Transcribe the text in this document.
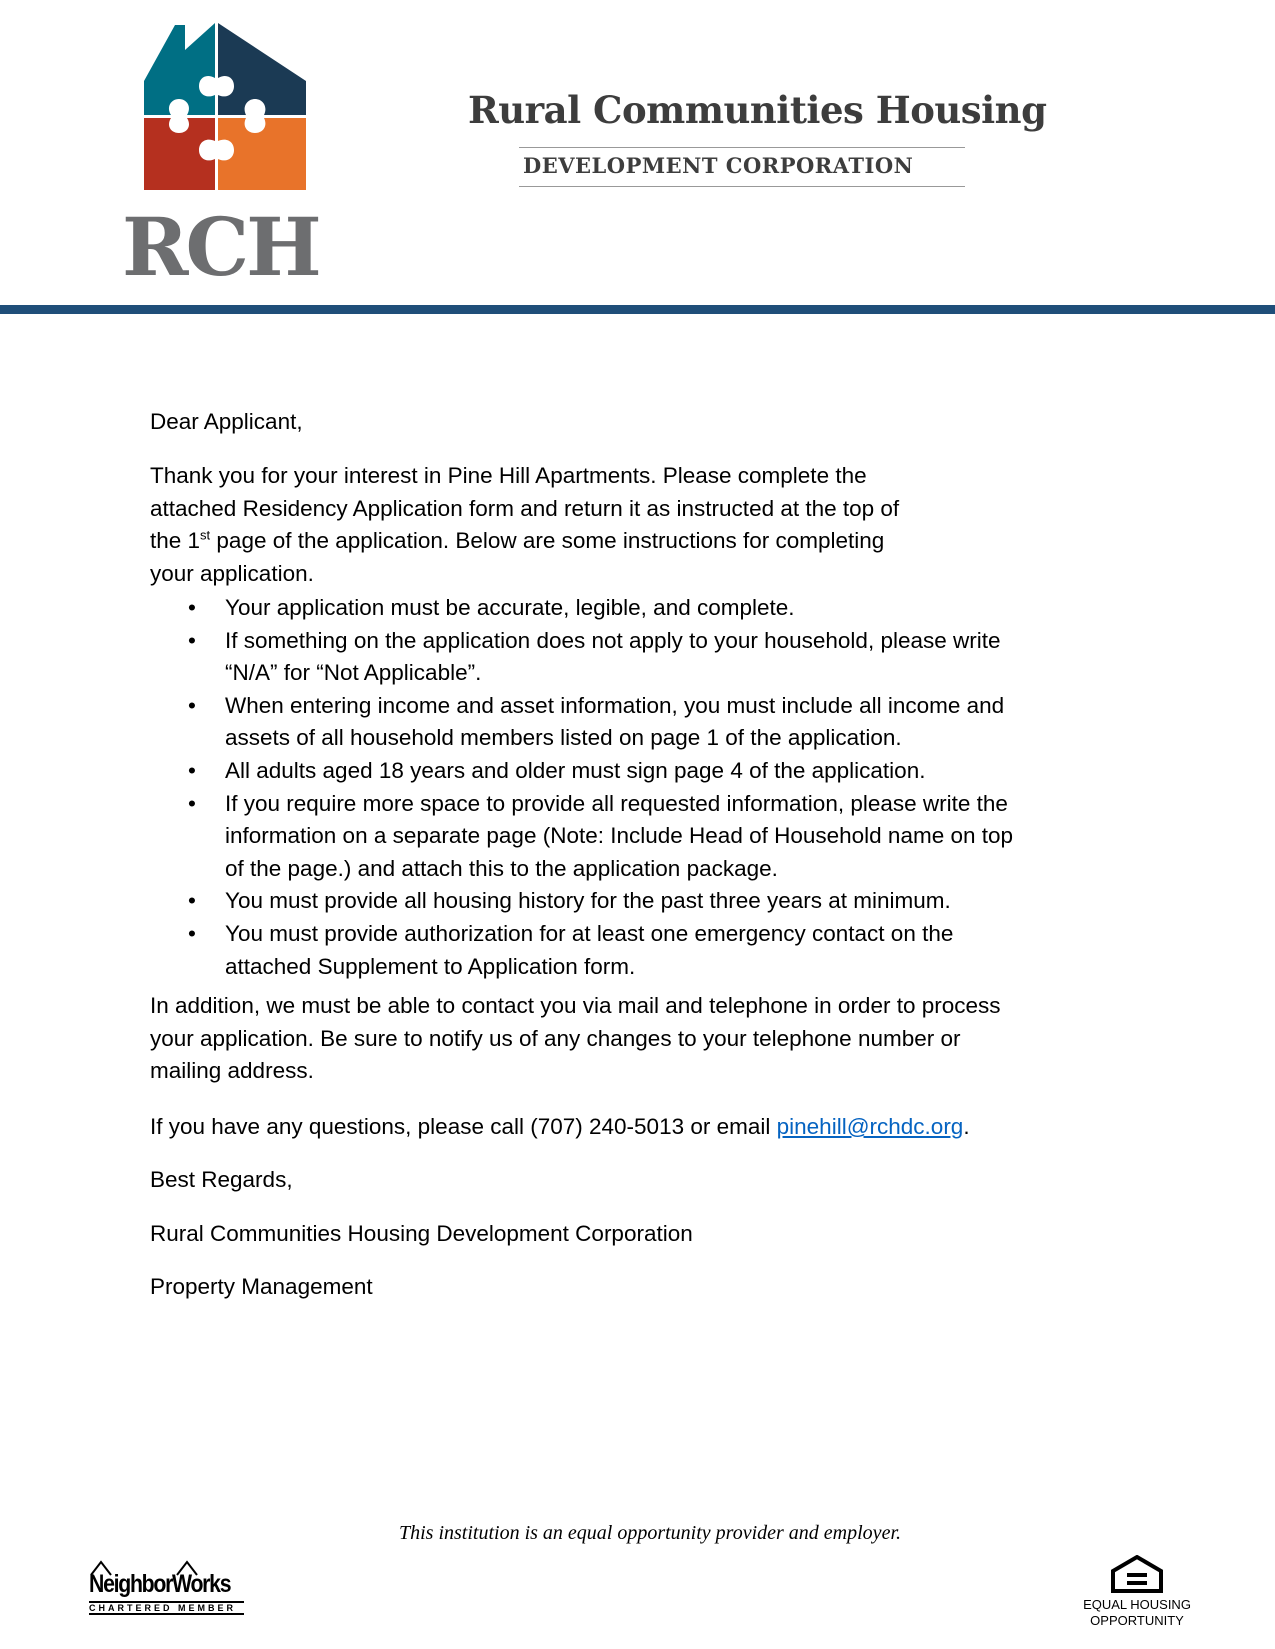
RCH
Rural Communities Housing
DEVELOPMENT CORPORATION
Dear Applicant,
Thank you for your interest in Pine Hill Apartments. Please complete the
attached Residency Application form and return it as instructed at the top of
the 1st page of the application. Below are some instructions for completing
your application.
• Your application must be accurate, legible, and complete.
• If something on the application does not apply to your household, please write
“N/A” for “Not Applicable”.
• When entering income and asset information, you must include all income and
assets of all household members listed on page 1 of the application.
• All adults aged 18 years and older must sign page 4 of the application.
• If you require more space to provide all requested information, please write the
information on a separate page (Note: Include Head of Household name on top
of the page.) and attach this to the application package.
• You must provide all housing history for the past three years at minimum.
• You must provide authorization for at least one emergency contact on the
attached Supplement to Application form.
In addition, we must be able to contact you via mail and telephone in order to process
your application. Be sure to notify us of any changes to your telephone number or
mailing address.
If you have any questions, please call (707) 240-5013 or email pinehill@rchdc.org.
Best Regards,
Rural Communities Housing Development Corporation
Property Management
This institution is an equal opportunity provider and employer.
NeighborWorks
CHARTERED MEMBER	EQUAL HOUSING
OPPORTUNITY
